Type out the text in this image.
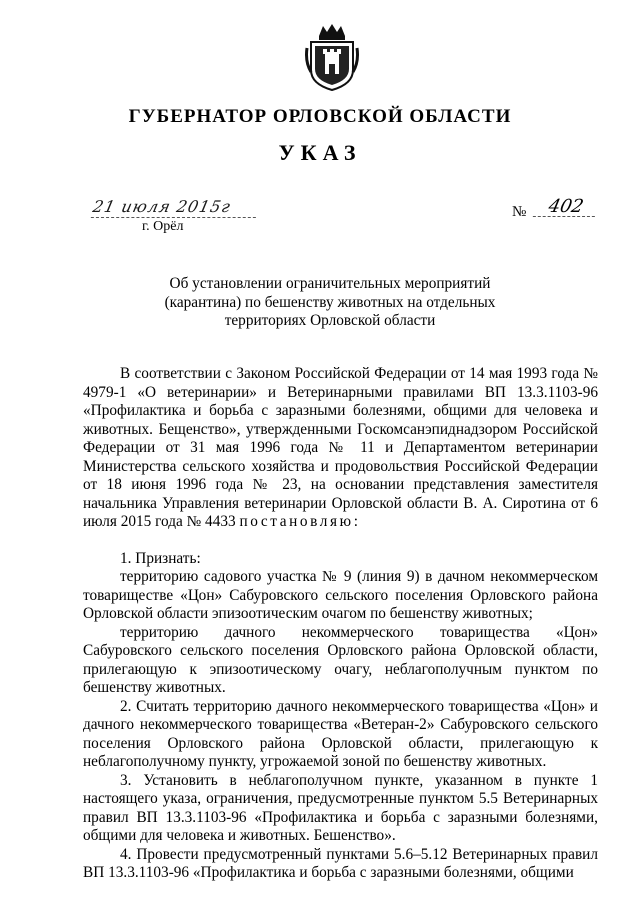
ГУБЕРНАТОР ОРЛОВСКОЙ ОБЛАСТИ
УКАЗ
21 июля 2015г
г. Орёл
№	402
Об установлении ограничительных мероприятий
(карантина) по бешенству животных на отдельных
территориях Орловской области

В соответствии с Законом Российской Федерации от 14 мая 1993 года № 4979-1 «О ветеринарии» и Ветеринарными правилами ВП 13.3.1103-96 «Профилактика и борьба с заразными болезнями, общими для человека и животных. Бещенство», утвержденными Госкомсанэпиднадзором Российской Федерации от 31 мая 1996 года № 11 и Департаментом ветеринарии Министерства сельского хозяйства и продовольствия Российской Федерации от 18 июня 1996 года № 23, на основании представления заместителя начальника Управления ветеринарии Орловской области В. А. Сиротина от 6 июля 2015 года № 4433 постановляю:

1. Признать:

территорию садового участка № 9 (линия 9) в дачном некоммерческом товариществе «Цон» Сабуровского сельского поселения Орловского района Орловской области эпизоотическим очагом по бешенству животных;

территорию дачного некоммерческого товарищества «Цон» Сабуровского сельского поселения Орловского района Орловской области, прилегающую к эпизоотическому очагу, неблагополучным пунктом по бешенству животных.

2. Считать территорию дачного некоммерческого товарищества «Цон» и дачного некоммерческого товарищества «Ветеран-2» Сабуровского сельского поселения Орловского района Орловской области, прилегающую к неблагополучному пункту, угрожаемой зоной по бешенству животных.

3. Установить в неблагополучном пункте, указанном в пункте 1 настоящего указа, ограничения, предусмотренные пунктом 5.5 Ветеринарных правил ВП 13.3.1103-96 «Профилактика и борьба с заразными болезнями, общими для человека и животных. Бешенство».

4. Провести предусмотренный пунктами 5.6–5.12 Ветеринарных правил ВП 13.3.1103-96 «Профилактика и борьба с заразными болезнями, общими
